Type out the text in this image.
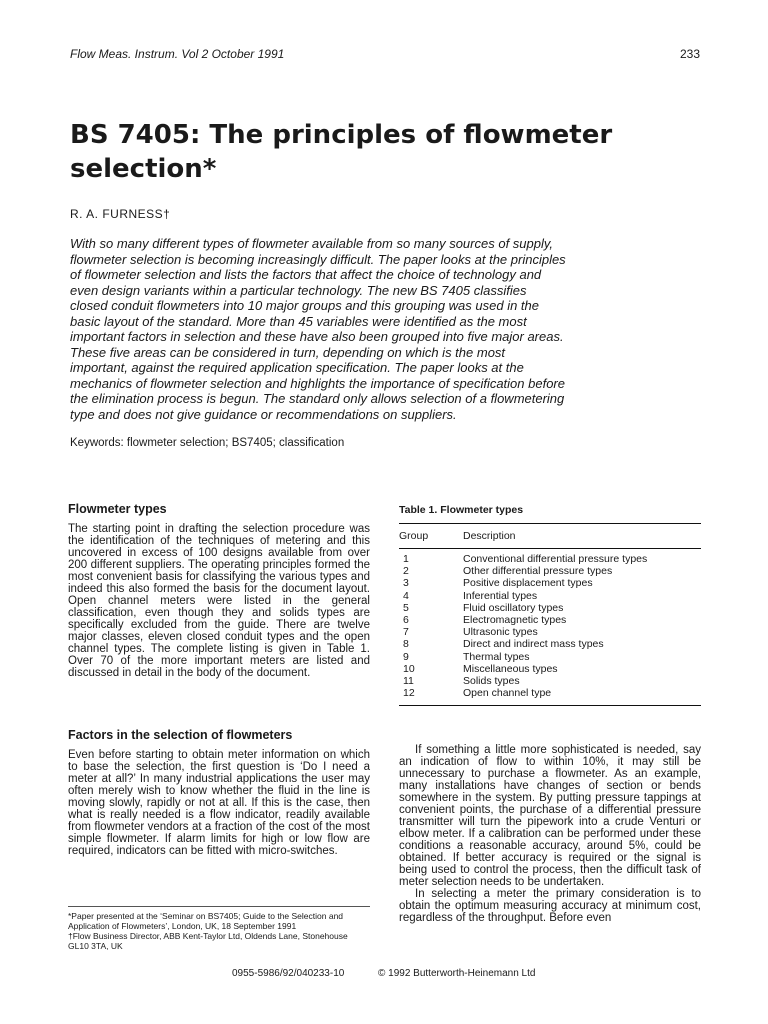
Flow Meas. Instrum. Vol 2 October 1991	233
BS 7405: The principles of flowmeter selection*
R. A. FURNESS†

With so many different types of flowmeter available from so many sources of supply, flowmeter selection is becoming increasingly difficult. The paper looks at the principles of flowmeter selection and lists the factors that affect the choice of technology and even design variants within a particular technology. The new BS 7405 classifies closed conduit flowmeters into 10 major groups and this grouping was used in the basic layout of the standard. More than 45 variables were identified as the most important factors in selection and these have also been grouped into five major areas. These five areas can be considered in turn, depending on which is the most important, against the required application specification. The paper looks at the mechanics of flowmeter selection and highlights the importance of specification before the elimination process is begun. The standard only allows selection of a flowmetering type and does not give guidance or recommendations on suppliers.

Keywords: flowmeter selection; BS7405; classification
Flowmeter types

The starting point in drafting the selection procedure was the identification of the techniques of metering and this uncovered in excess of 100 designs available from over 200 different suppliers. The operating principles formed the most convenient basis for classifying the various types and indeed this also formed the basis for the document layout. Open channel meters were listed in the general classification, even though they and solids types are specifically excluded from the guide. There are twelve major classes, eleven closed conduit types and the open channel types. The complete listing is given in Table 1. Over 70 of the more important meters are listed and discussed in detail in the body of the document.

Factors in the selection of flowmeters

Even before starting to obtain meter information on which to base the selection, the first question is ‘Do I need a meter at all?’ In many industrial applications the user may often merely wish to know whether the fluid in the line is moving slowly, rapidly or not at all. If this is the case, then what is really needed is a flow indicator, readily available from flowmeter vendors at a fraction of the cost of the most simple flowmeter. If alarm limits for high or low flow are required, indicators can be fitted with micro-switches.

Table 1. Flowmeter types

Group	Description
1	Conventional differential pressure types
2	Other differential pressure types
3	Positive displacement types
4	Inferential types
5	Fluid oscillatory types
6	Electromagnetic types
7	Ultrasonic types
8	Direct and indirect mass types
9	Thermal types
10	Miscellaneous types
11	Solids types
12	Open channel type

If something a little more sophisticated is needed, say an indication of flow to within 10%, it may still be unnecessary to purchase a flowmeter. As an example, many installations have changes of section or bends somewhere in the system. By putting pressure tappings at convenient points, the purchase of a differential pressure transmitter will turn the pipework into a crude Venturi or elbow meter. If a calibration can be performed under these conditions a reasonable accuracy, around 5%, could be obtained. If better accuracy is required or the signal is being used to control the process, then the difficult task of meter selection needs to be undertaken.

In selecting a meter the primary consideration is to obtain the optimum measuring accuracy at minimum cost, regardless of the throughput. Before even

*Paper presented at the ‘Seminar on BS7405; Guide to the Selection and Application of Flowmeters’, London, UK, 18 September 1991
†Flow Business Director, ABB Kent-Taylor Ltd, Oldends Lane, Stonehouse GL10 3TA, UK
0955-5986/92/040233-10	© 1992 Butterworth-Heinemann Ltd
